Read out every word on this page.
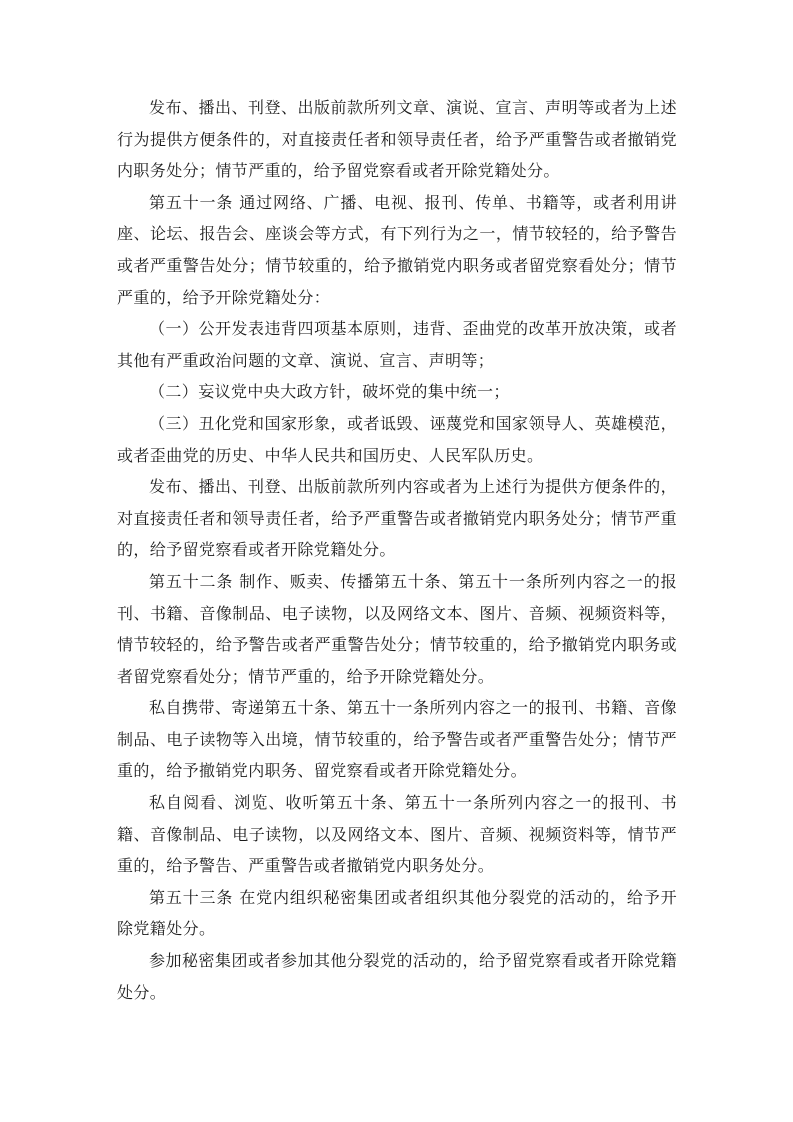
发布、播出、刊登、出版前款所列文章、演说、宣言、声明等或者为上述行为提供方便条件的，对直接责任者和领导责任者，给予严重警告或者撤销党内职务处分；情节严重的，给予留党察看或者开除党籍处分。

第五十一条 通过网络、广播、电视、报刊、传单、书籍等，或者利用讲座、论坛、报告会、座谈会等方式，有下列行为之一，情节较轻的，给予警告或者严重警告处分；情节较重的，给予撤销党内职务或者留党察看处分；情节严重的，给予开除党籍处分：

（一）公开发表违背四项基本原则，违背、歪曲党的改革开放决策，或者其他有严重政治问题的文章、演说、宣言、声明等；

（二）妄议党中央大政方针，破坏党的集中统一；

（三）丑化党和国家形象，或者诋毁、诬蔑党和国家领导人、英雄模范，或者歪曲党的历史、中华人民共和国历史、人民军队历史。

发布、播出、刊登、出版前款所列内容或者为上述行为提供方便条件的，对直接责任者和领导责任者，给予严重警告或者撤销党内职务处分；情节严重的，给予留党察看或者开除党籍处分。

第五十二条 制作、贩卖、传播第五十条、第五十一条所列内容之一的报刊、书籍、音像制品、电子读物，以及网络文本、图片、音频、视频资料等，情节较轻的，给予警告或者严重警告处分；情节较重的，给予撤销党内职务或者留党察看处分；情节严重的，给予开除党籍处分。

私自携带、寄递第五十条、第五十一条所列内容之一的报刊、书籍、音像制品、电子读物等入出境，情节较重的，给予警告或者严重警告处分；情节严重的，给予撤销党内职务、留党察看或者开除党籍处分。

私自阅看、浏览、收听第五十条、第五十一条所列内容之一的报刊、书籍、音像制品、电子读物，以及网络文本、图片、音频、视频资料等，情节严重的，给予警告、严重警告或者撤销党内职务处分。

第五十三条 在党内组织秘密集团或者组织其他分裂党的活动的，给予开除党籍处分。

参加秘密集团或者参加其他分裂党的活动的，给予留党察看或者开除党籍处分。
